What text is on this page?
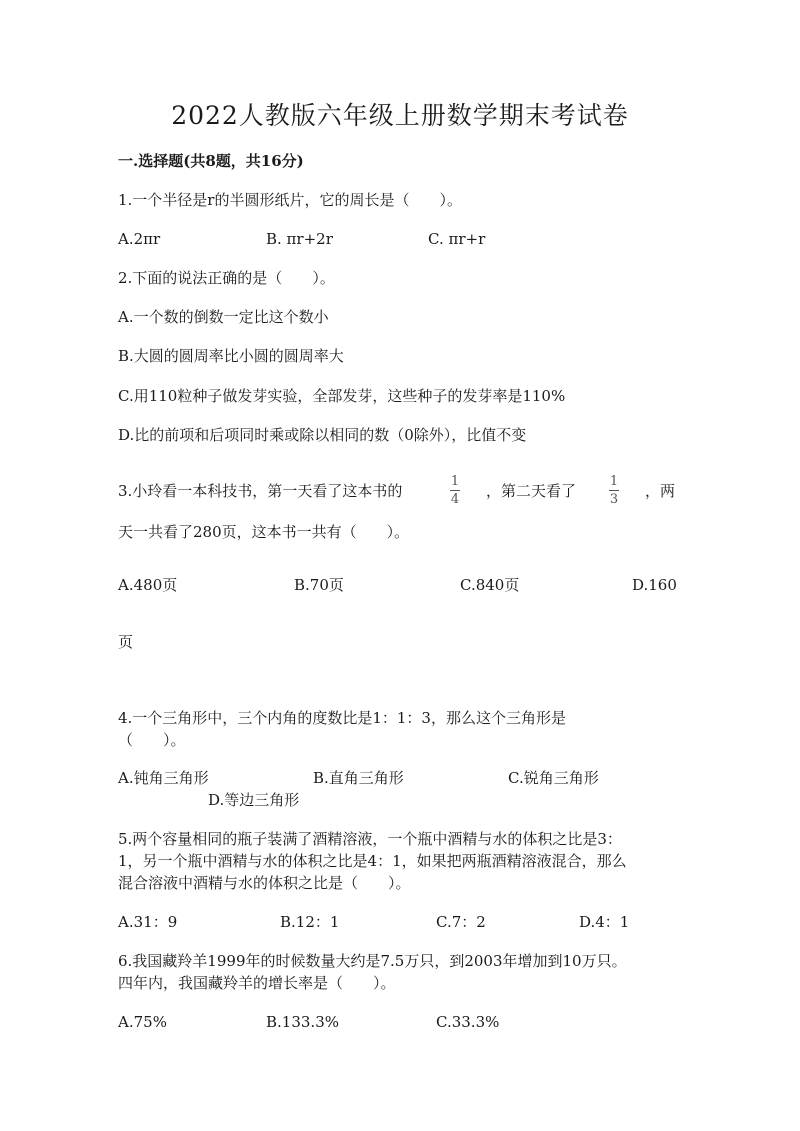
2022人教版六年级上册数学期末考试卷
一.选择题(共8题，共16分)
1.一个半径是r的半圆形纸片，它的周长是（　　）。
A.2πr	B. πr+2r	C. πr+r
2.下面的说法正确的是（　　）。
A.一个数的倒数一定比这个数小
B.大圆的圆周率比小圆的圆周率大
C.用110粒种子做发芽实验，全部发芽，这些种子的发芽率是110%
D.比的前项和后项同时乘或除以相同的数（0除外），比值不变
3.小玲看一本科技书，第一天看了这本书的
1
4 ，第二天看了
1
3 ，两
天一共看了280页，这本书一共有（　　）。
A.480页	B.70页	C.840页	D.160
页
4.一个三角形中，三个内角的度数比是1：1：3，那么这个三角形是
（　　）。
A.钝角三角形	B.直角三角形	C.锐角三角形
D.等边三角形
5.两个容量相同的瓶子装满了酒精溶液，一个瓶中酒精与水的体积之比是3：
1，另一个瓶中酒精与水的体积之比是4：1，如果把两瓶酒精溶液混合，那么
混合溶液中酒精与水的体积之比是（　　）。
A.31：9	B.12：1	C.7：2	D.4：1
6.我国藏羚羊1999年的时候数量大约是7.5万只，到2003年增加到10万只。
四年内，我国藏羚羊的增长率是（　　）。
A.75%	B.133.3%	C.33.3%
